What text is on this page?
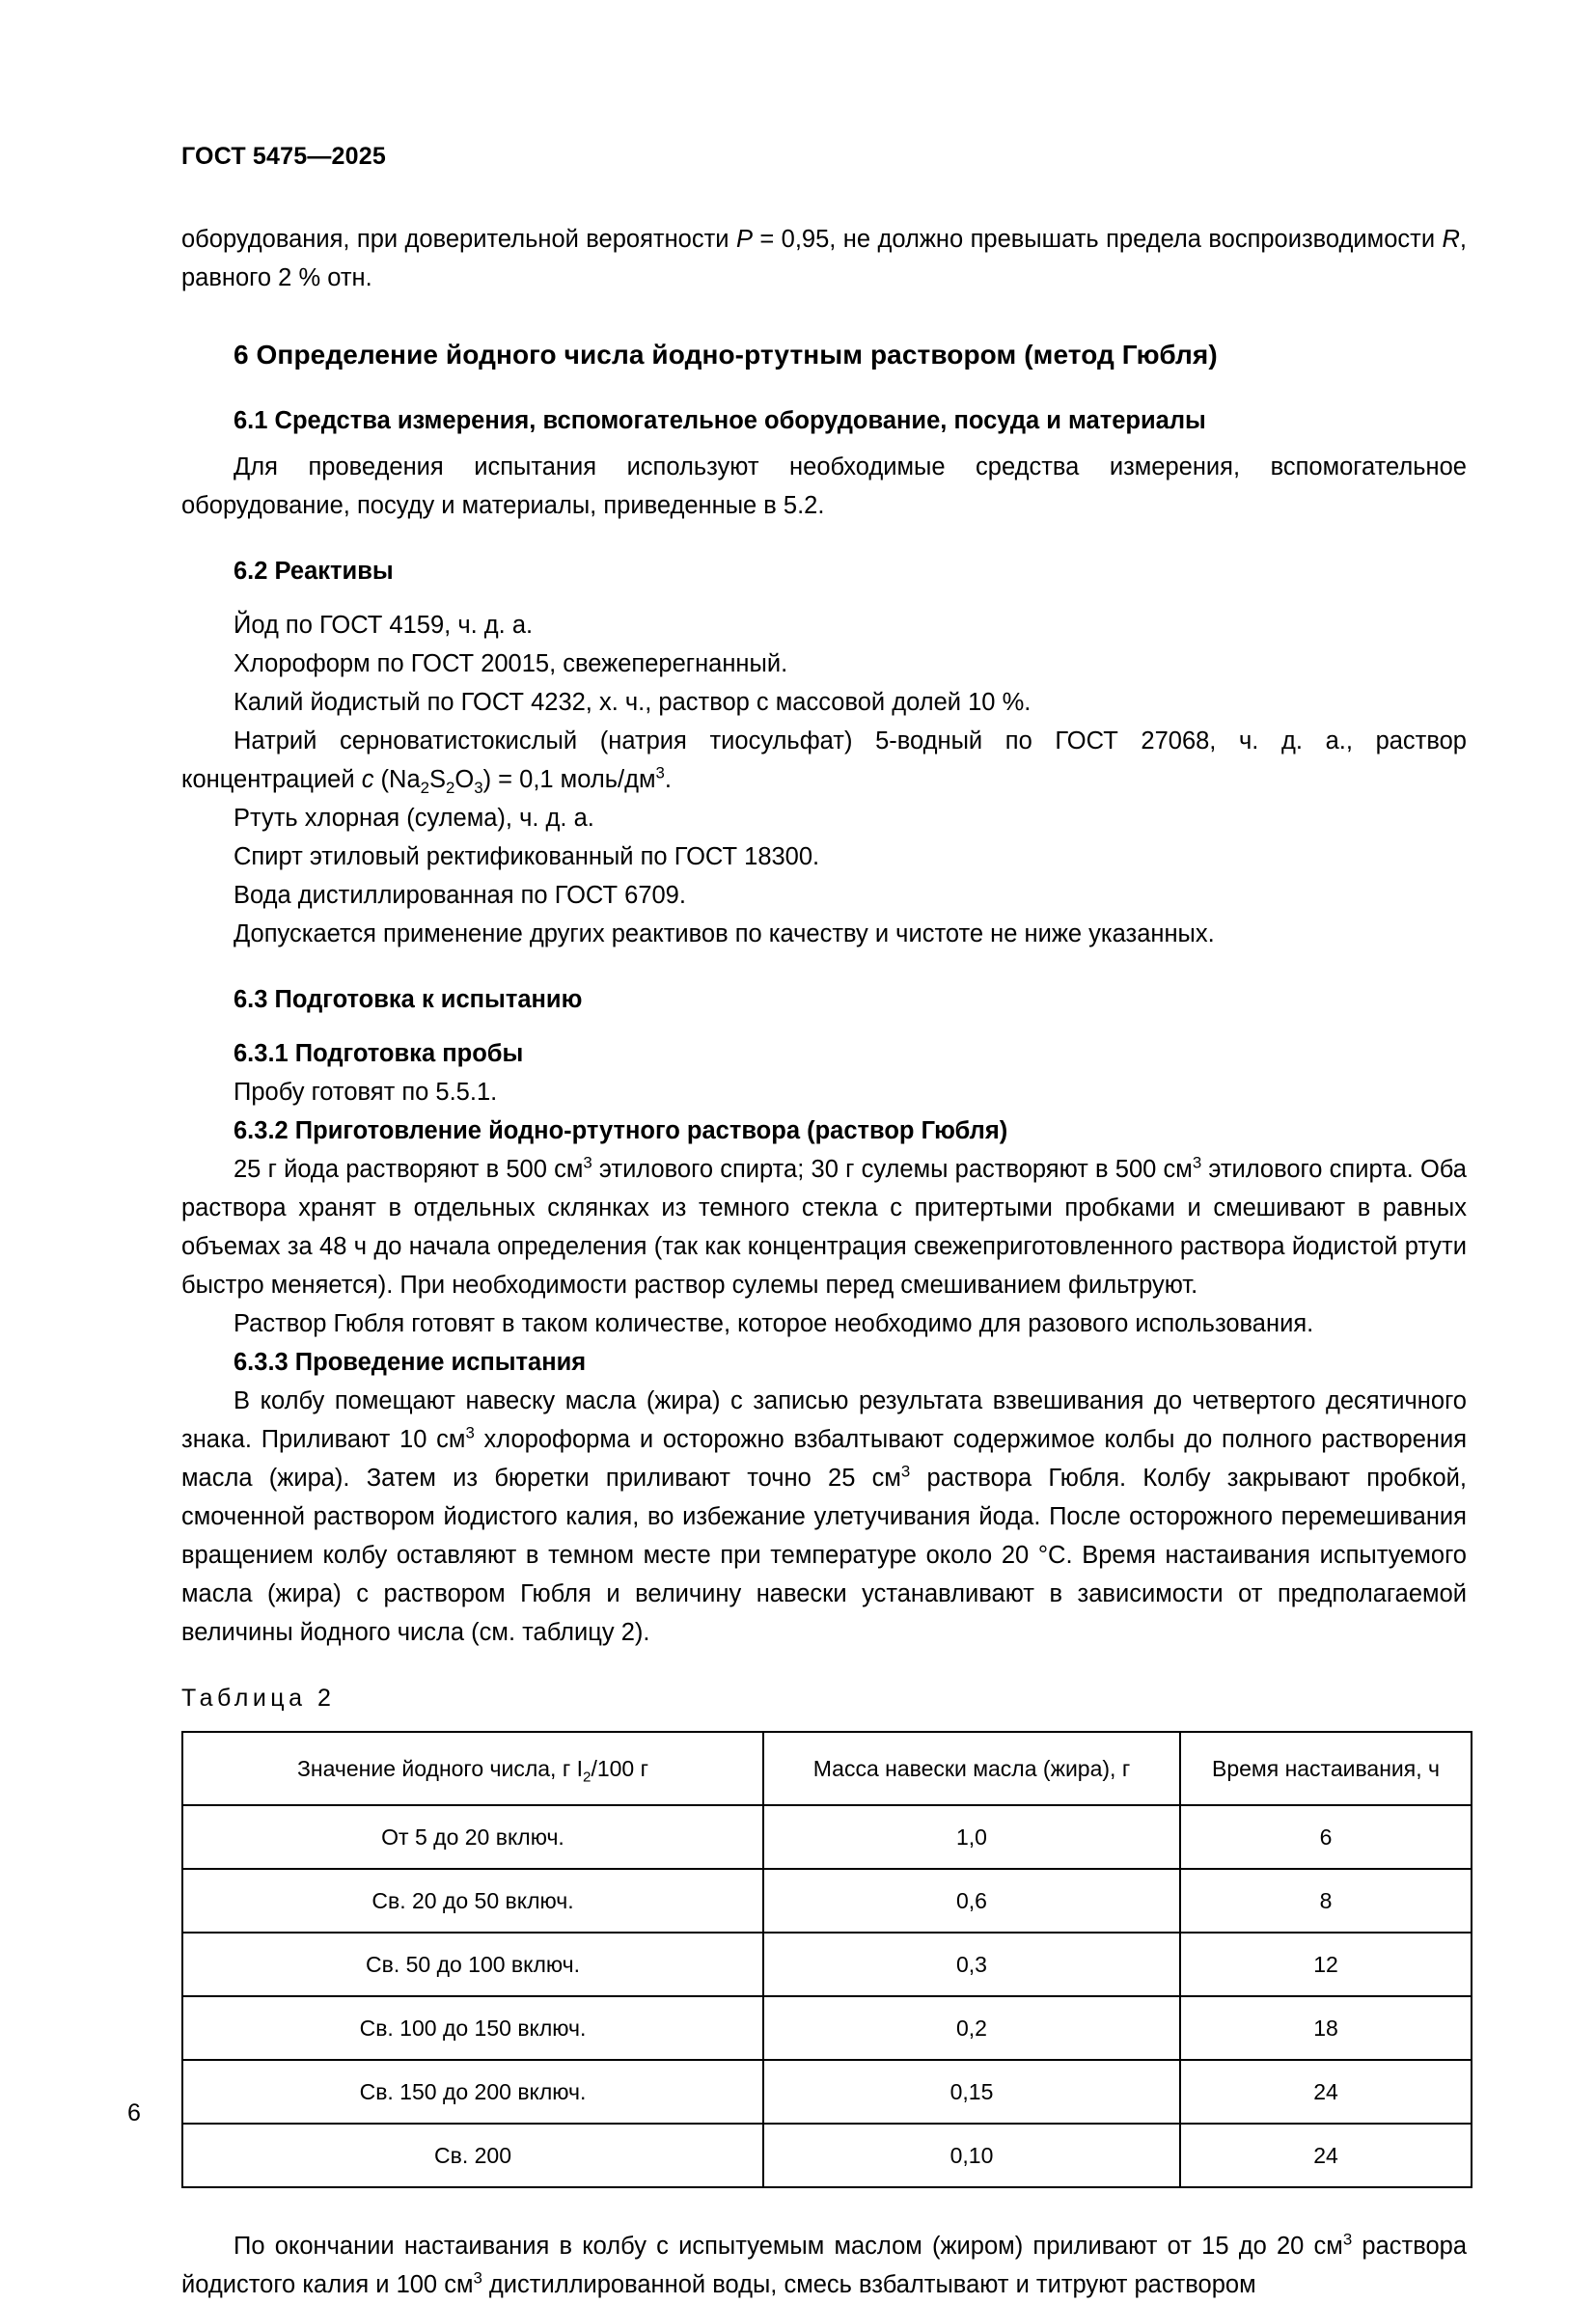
ГОСТ 5475—2025

оборудования, при доверительной вероятности P = 0,95, не должно превышать предела воспроизводимости R, равного 2 % отн.

6 Определение йодного числа йодно-ртутным раствором (метод Гюбля)
6.1 Средства измерения, вспомогательное оборудование, посуда и материалы

Для проведения испытания используют необходимые средства измерения, вспомогательное оборудование, посуду и материалы, приведенные в 5.2.

6.2 Реактивы
Йод по ГОСТ 4159, ч. д. а.
Хлороформ по ГОСТ 20015, свежеперегнанный.
Калий йодистый по ГОСТ 4232, х. ч., раствор с массовой долей 10 %.

Натрий серноватистокислый (натрия тиосульфат) 5-водный по ГОСТ 27068, ч. д. а., раствор концентрацией c $(Na_2S_2O_3) = 0,1$ моль/$дм^3$.

Ртуть хлорная (сулема), ч. д. а.
Спирт этиловый ректификованный по ГОСТ 18300.
Вода дистиллированная по ГОСТ 6709.
Допускается применение других реактивов по качеству и чистоте не ниже указанных.
6.3 Подготовка к испытанию
6.3.1 Подготовка пробы
Пробу готовят по 5.5.1.
6.3.2 Приготовление йодно-ртутного раствора (раствор Гюбля)

25 г йода растворяют в 500 $см^3$ этилового спирта; 30 г сулемы растворяют в 500 $см^3$ этилового спирта. Оба раствора хранят в отдельных склянках из темного стекла с притертыми пробками и смешивают в равных объемах за 48 ч до начала определения (так как концентрация свежеприготовленного раствора йодистой ртути быстро меняется). При необходимости раствор сулемы перед смешиванием фильтруют.

Раствор Гюбля готовят в таком количестве, которое необходимо для разового использования.

6.3.3 Проведение испытания

В колбу помещают навеску масла (жира) с записью результата взвешивания до четвертого десятичного знака. Приливают 10 $см^3$ хлороформа и осторожно взбалтывают содержимое колбы до полного растворения масла (жира). Затем из бюретки приливают точно 25 $см^3$ раствора Гюбля. Колбу закрывают пробкой, смоченной раствором йодистого калия, во избежание улетучивания йода. После осторожного перемешивания вращением колбу оставляют в темном месте при температуре около 20 °С. Время настаивания испытуемого масла (жира) с раствором Гюбля и величину навески устанавливают в зависимости от предполагаемой величины йодного числа (см. таблицу 2).

Таблица 2
Значение йодного числа, г $I_2/100$ г	Масса навески масла (жира), г	Время настаивания, ч
От 5 до 20 включ.	1,0	6
Св. 20 до 50 включ.	0,6	8
Св. 50 до 100 включ.	0,3	12
Св. 100 до 150 включ.	0,2	18
Св. 150 до 200 включ.	0,15	24
Св. 200	0,10	24

По окончании настаивания в колбу с испытуемым маслом (жиром) приливают от 15 до 20 $см^3$ раствора йодистого калия и 100 $см^3$ дистиллированной воды, смесь взбалтывают и титруют раствором

6
